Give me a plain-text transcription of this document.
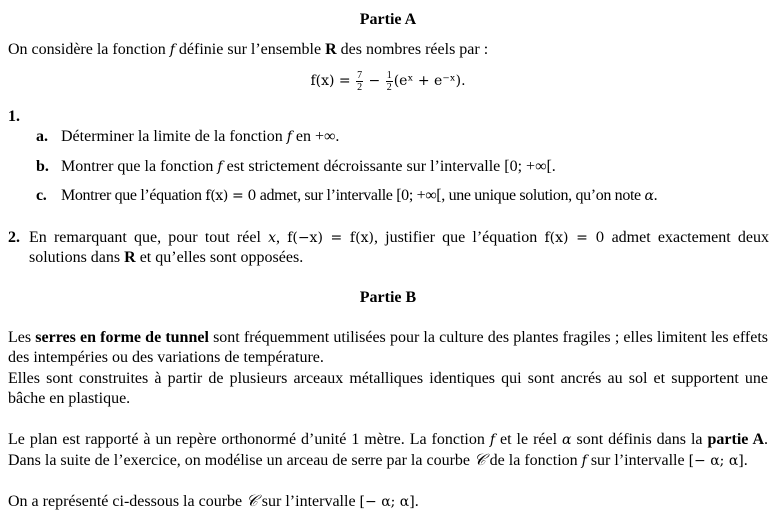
Partie A
On considère la fonction f définie sur l’ensemble R des nombres réels par :
$f(x) = \frac{7}{2} - \frac{1}{2}$ (eˣ + e⁻ˣ).
1.
a. Déterminer la limite de la fonction f en +∞.
b. Montrer que la fonction f est strictement décroissante sur l’intervalle [0; +∞[.
c. Montrer que l’équation f(x) = 0 admet, sur l’intervalle [0; +∞[, une unique solution, qu’on note α.
2. En remarquant que, pour tout réel x, f(−x) = f(x), justifier que l’équation f(x) = 0 admet exactement deux solutions dans R et qu’elles sont opposées.
Partie B
Les serres en forme de tunnel sont fréquemment utilisées pour la culture des plantes fragiles ; elles limitent les effets des intempéries ou des variations de température.
Elles sont construites à partir de plusieurs arceaux métalliques identiques qui sont ancrés au sol et supportent une bâche en plastique.
Le plan est rapporté à un repère orthonormé d’unité 1 mètre. La fonction f et le réel α sont définis dans la partie A. Dans la suite de l’exercice, on modélise un arceau de serre par la courbe 𝒞 de la fonction f sur l’intervalle [− α; α].
On a représenté ci-dessous la courbe 𝒞 sur l’intervalle [− α; α].
